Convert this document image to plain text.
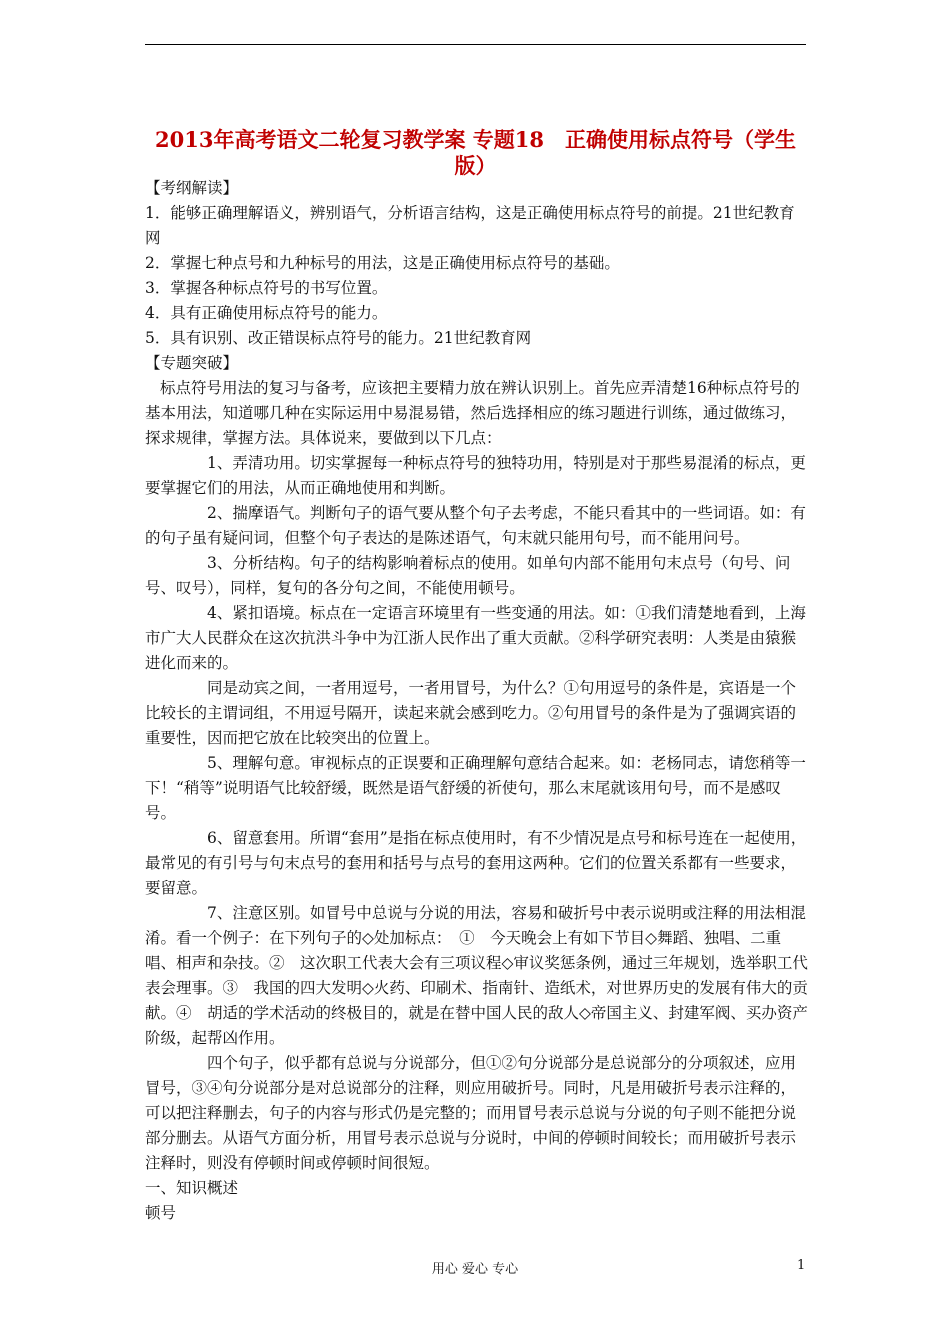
2013年高考语文二轮复习教学案 专题18　正确使用标点符号（学生版）

【考纲解读】

1．能够正确理解语义，辨别语气，分析语言结构，这是正确使用标点符号的前提。21世纪教育网

2．掌握七种点号和九种标号的用法，这是正确使用标点符号的基础。

3．掌握各种标点符号的书写位置。

4．具有正确使用标点符号的能力。

5．具有识别、改正错误标点符号的能力。21世纪教育网

【专题突破】

标点符号用法的复习与备考，应该把主要精力放在辨认识别上。首先应弄清楚16种标点符号的基本用法，知道哪几种在实际运用中易混易错，然后选择相应的练习题进行训练，通过做练习，探求规律，掌握方法。具体说来，要做到以下几点：

1、弄清功用。切实掌握每一种标点符号的独特功用，特别是对于那些易混淆的标点，更要掌握它们的用法，从而正确地使用和判断。

2、揣摩语气。判断句子的语气要从整个句子去考虑，不能只看其中的一些词语。如：有的句子虽有疑问词，但整个句子表达的是陈述语气，句末就只能用句号，而不能用问号。

3、分析结构。句子的结构影响着标点的使用。如单句内部不能用句末点号（句号、问号、叹号），同样，复句的各分句之间，不能使用顿号。

4、紧扣语境。标点在一定语言环境里有一些变通的用法。如：①我们清楚地看到，上海市广大人民群众在这次抗洪斗争中为江浙人民作出了重大贡献。②科学研究表明：人类是由猿猴进化而来的。

同是动宾之间，一者用逗号，一者用冒号，为什么？①句用逗号的条件是，宾语是一个比较长的主谓词组，不用逗号隔开，读起来就会感到吃力。②句用冒号的条件是为了强调宾语的重要性，因而把它放在比较突出的位置上。

5、理解句意。审视标点的正误要和正确理解句意结合起来。如：老杨同志，请您稍等一下！“稍等”说明语气比较舒缓，既然是语气舒缓的祈使句，那么末尾就该用句号，而不是感叹号。

6、留意套用。所谓“套用”是指在标点使用时，有不少情况是点号和标号连在一起使用，最常见的有引号与句末点号的套用和括号与点号的套用这两种。它们的位置关系都有一些要求，要留意。

7、注意区别。如冒号中总说与分说的用法，容易和破折号中表示说明或注释的用法相混淆。看一个例子：在下列句子的◇处加标点：　①　今天晚会上有如下节目◇舞蹈、独唱、二重唱、相声和杂技。②　这次职工代表大会有三项议程◇审议奖惩条例，通过三年规划，选举职工代表会理事。③　我国的四大发明◇火药、印刷术、指南针、造纸术，对世界历史的发展有伟大的贡献。④　胡适的学术活动的终极目的，就是在替中国人民的敌人◇帝国主义、封建军阀、买办资产阶级，起帮凶作用。

四个句子，似乎都有总说与分说部分，但①②句分说部分是总说部分的分项叙述，应用冒号，③④句分说部分是对总说部分的注释，则应用破折号。同时，凡是用破折号表示注释的，可以把注释删去，句子的内容与形式仍是完整的；而用冒号表示总说与分说的句子则不能把分说部分删去。从语气方面分析，用冒号表示总说与分说时，中间的停顿时间较长；而用破折号表示注释时，则没有停顿时间或停顿时间很短。

一、知识概述

顿号

用心 爱心 专心	1
